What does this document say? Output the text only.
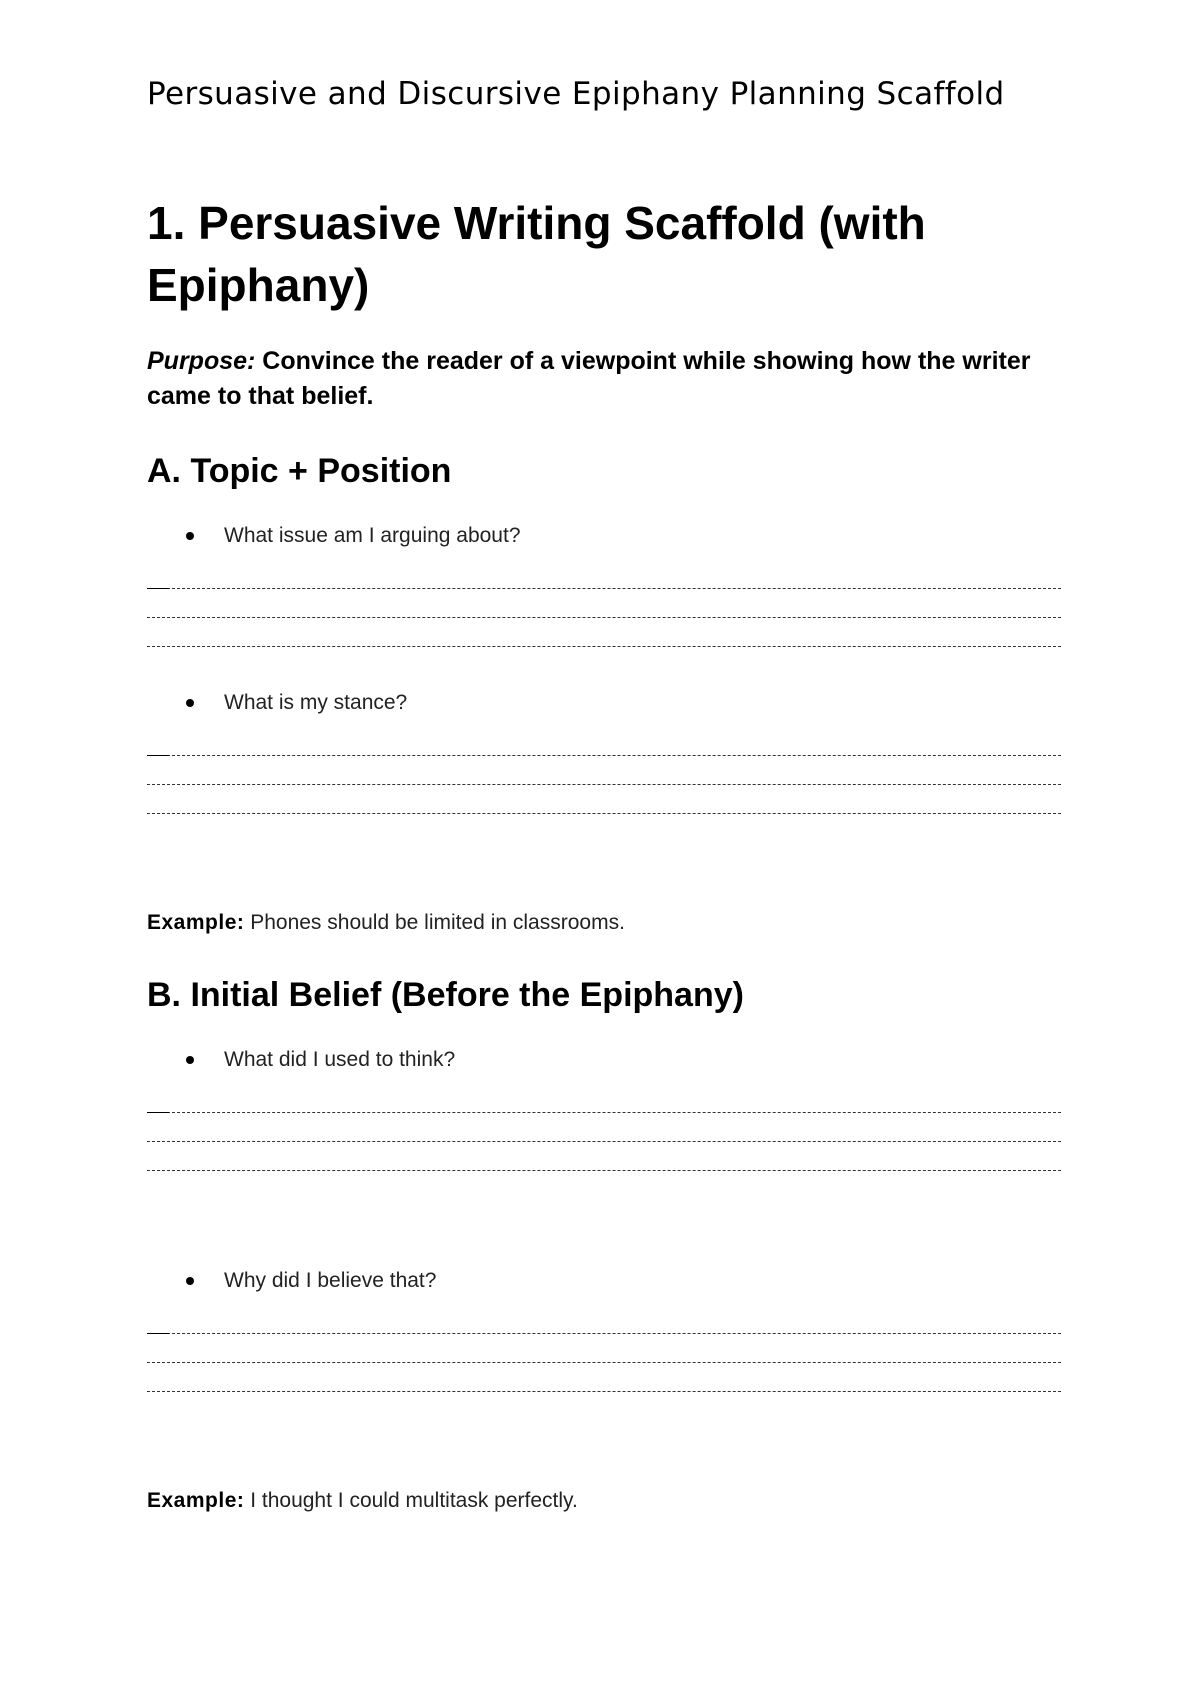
Persuasive and Discursive Epiphany Planning Scaffold
1. Persuasive Writing Scaffold (with Epiphany)
Purpose: Convince the reader of a viewpoint while showing how the writer came to that belief.
A. Topic + Position
What issue am I arguing about?
What is my stance?
Example: Phones should be limited in classrooms.
B. Initial Belief (Before the Epiphany)
What did I used to think?
Why did I believe that?
Example: I thought I could multitask perfectly.
